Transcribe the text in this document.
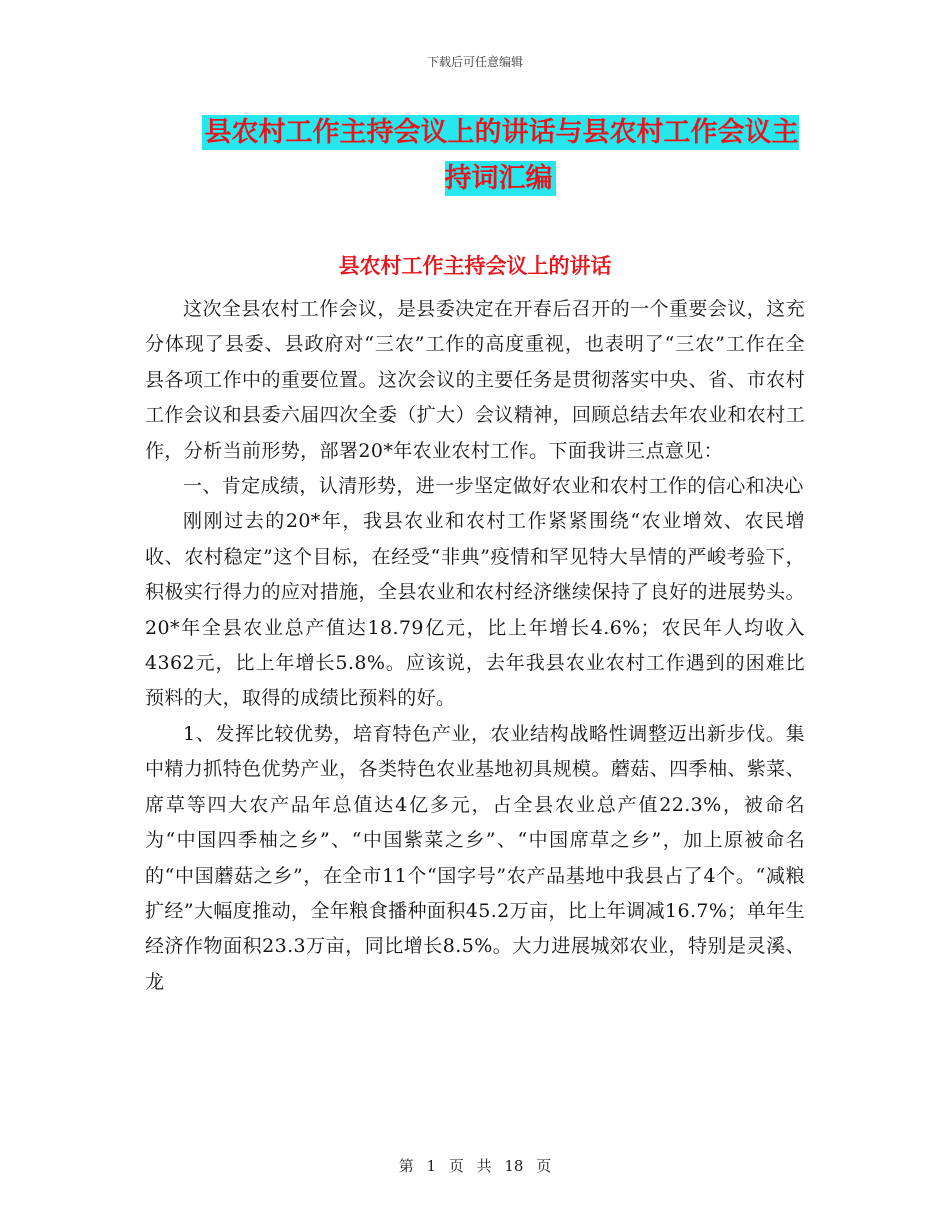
下载后可任意编辑
县农村工作主持会议上的讲话与县农村工作会议主持词汇编
县农村工作主持会议上的讲话

这次全县农村工作会议，是县委决定在开春后召开的一个重要会议，这充分体现了县委、县政府对“三农”工作的高度重视，也表明了“三农”工作在全县各项工作中的重要位置。这次会议的主要任务是贯彻落实中央、省、市农村工作会议和县委六届四次全委（扩大）会议精神，回顾总结去年农业和农村工作，分析当前形势，部署20*年农业农村工作。下面我讲三点意见：

一、肯定成绩，认清形势，进一步坚定做好农业和农村工作的信心和决心

刚刚过去的20*年，我县农业和农村工作紧紧围绕“农业增效、农民增收、农村稳定”这个目标，在经受“非典”疫情和罕见特大旱情的严峻考验下，积极实行得力的应对措施，全县农业和农村经济继续保持了良好的进展势头。20*年全县农业总产值达18.79亿元，比上年增长4.6%；农民年人均收入4362元，比上年增长5.8%。应该说，去年我县农业农村工作遇到的困难比预料的大，取得的成绩比预料的好。

1、发挥比较优势，培育特色产业，农业结构战略性调整迈出新步伐。集中精力抓特色优势产业，各类特色农业基地初具规模。蘑菇、四季柚、紫菜、席草等四大农产品年总值达4亿多元，占全县农业总产值22.3%，被命名为“中国四季柚之乡”、“中国紫菜之乡”、“中国席草之乡”，加上原被命名的“中国蘑菇之乡”，在全市11个“国字号”农产品基地中我县占了4个。“减粮扩经”大幅度推动，全年粮食播种面积45.2万亩，比上年调减16.7%；单年生经济作物面积23.3万亩，同比增长8.5%。大力进展城郊农业，特别是灵溪、龙

第 1 页 共 18 页
